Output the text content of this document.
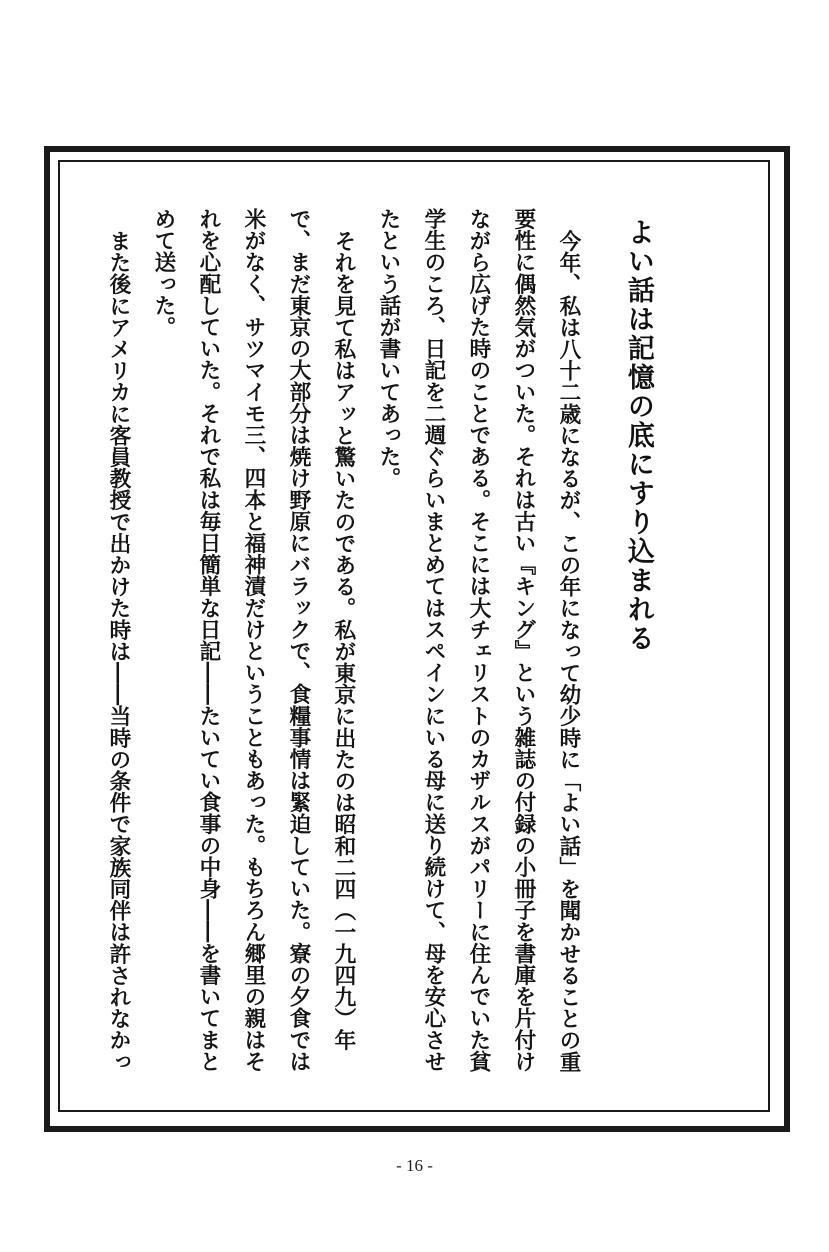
よい話は記憶の底にすり込まれる

今年、私は八十二歳になるが、この年になって幼少時に「よい話」を聞かせることの重要性に偶然気がついた。それは古い『キング』という雑誌の付録の小冊子を書庫を片付けながら広げた時のことである。そこには大チェリストのカザルスがパリーに住んでいた貧学生のころ、日記を二週ぐらいまとめてはスペインにいる母に送り続けて、母を安心させたという話が書いてあった。

それを見て私はアッと驚いたのである。私が東京に出たのは昭和二四（一九四九）年で、まだ東京の大部分は焼け野原にバラックで、食糧事情は緊迫していた。寮の夕食では米がなく、サツマイモ三、四本と福神漬だけということもあった。もちろん郷里の親はそれを心配していた。それで私は毎日簡単な日記――たいてい食事の中身――を書いてまとめて送った。

また後にアメリカに客員教授で出かけた時は――当時の条件で家族同伴は許されなかっ

- 16 -
